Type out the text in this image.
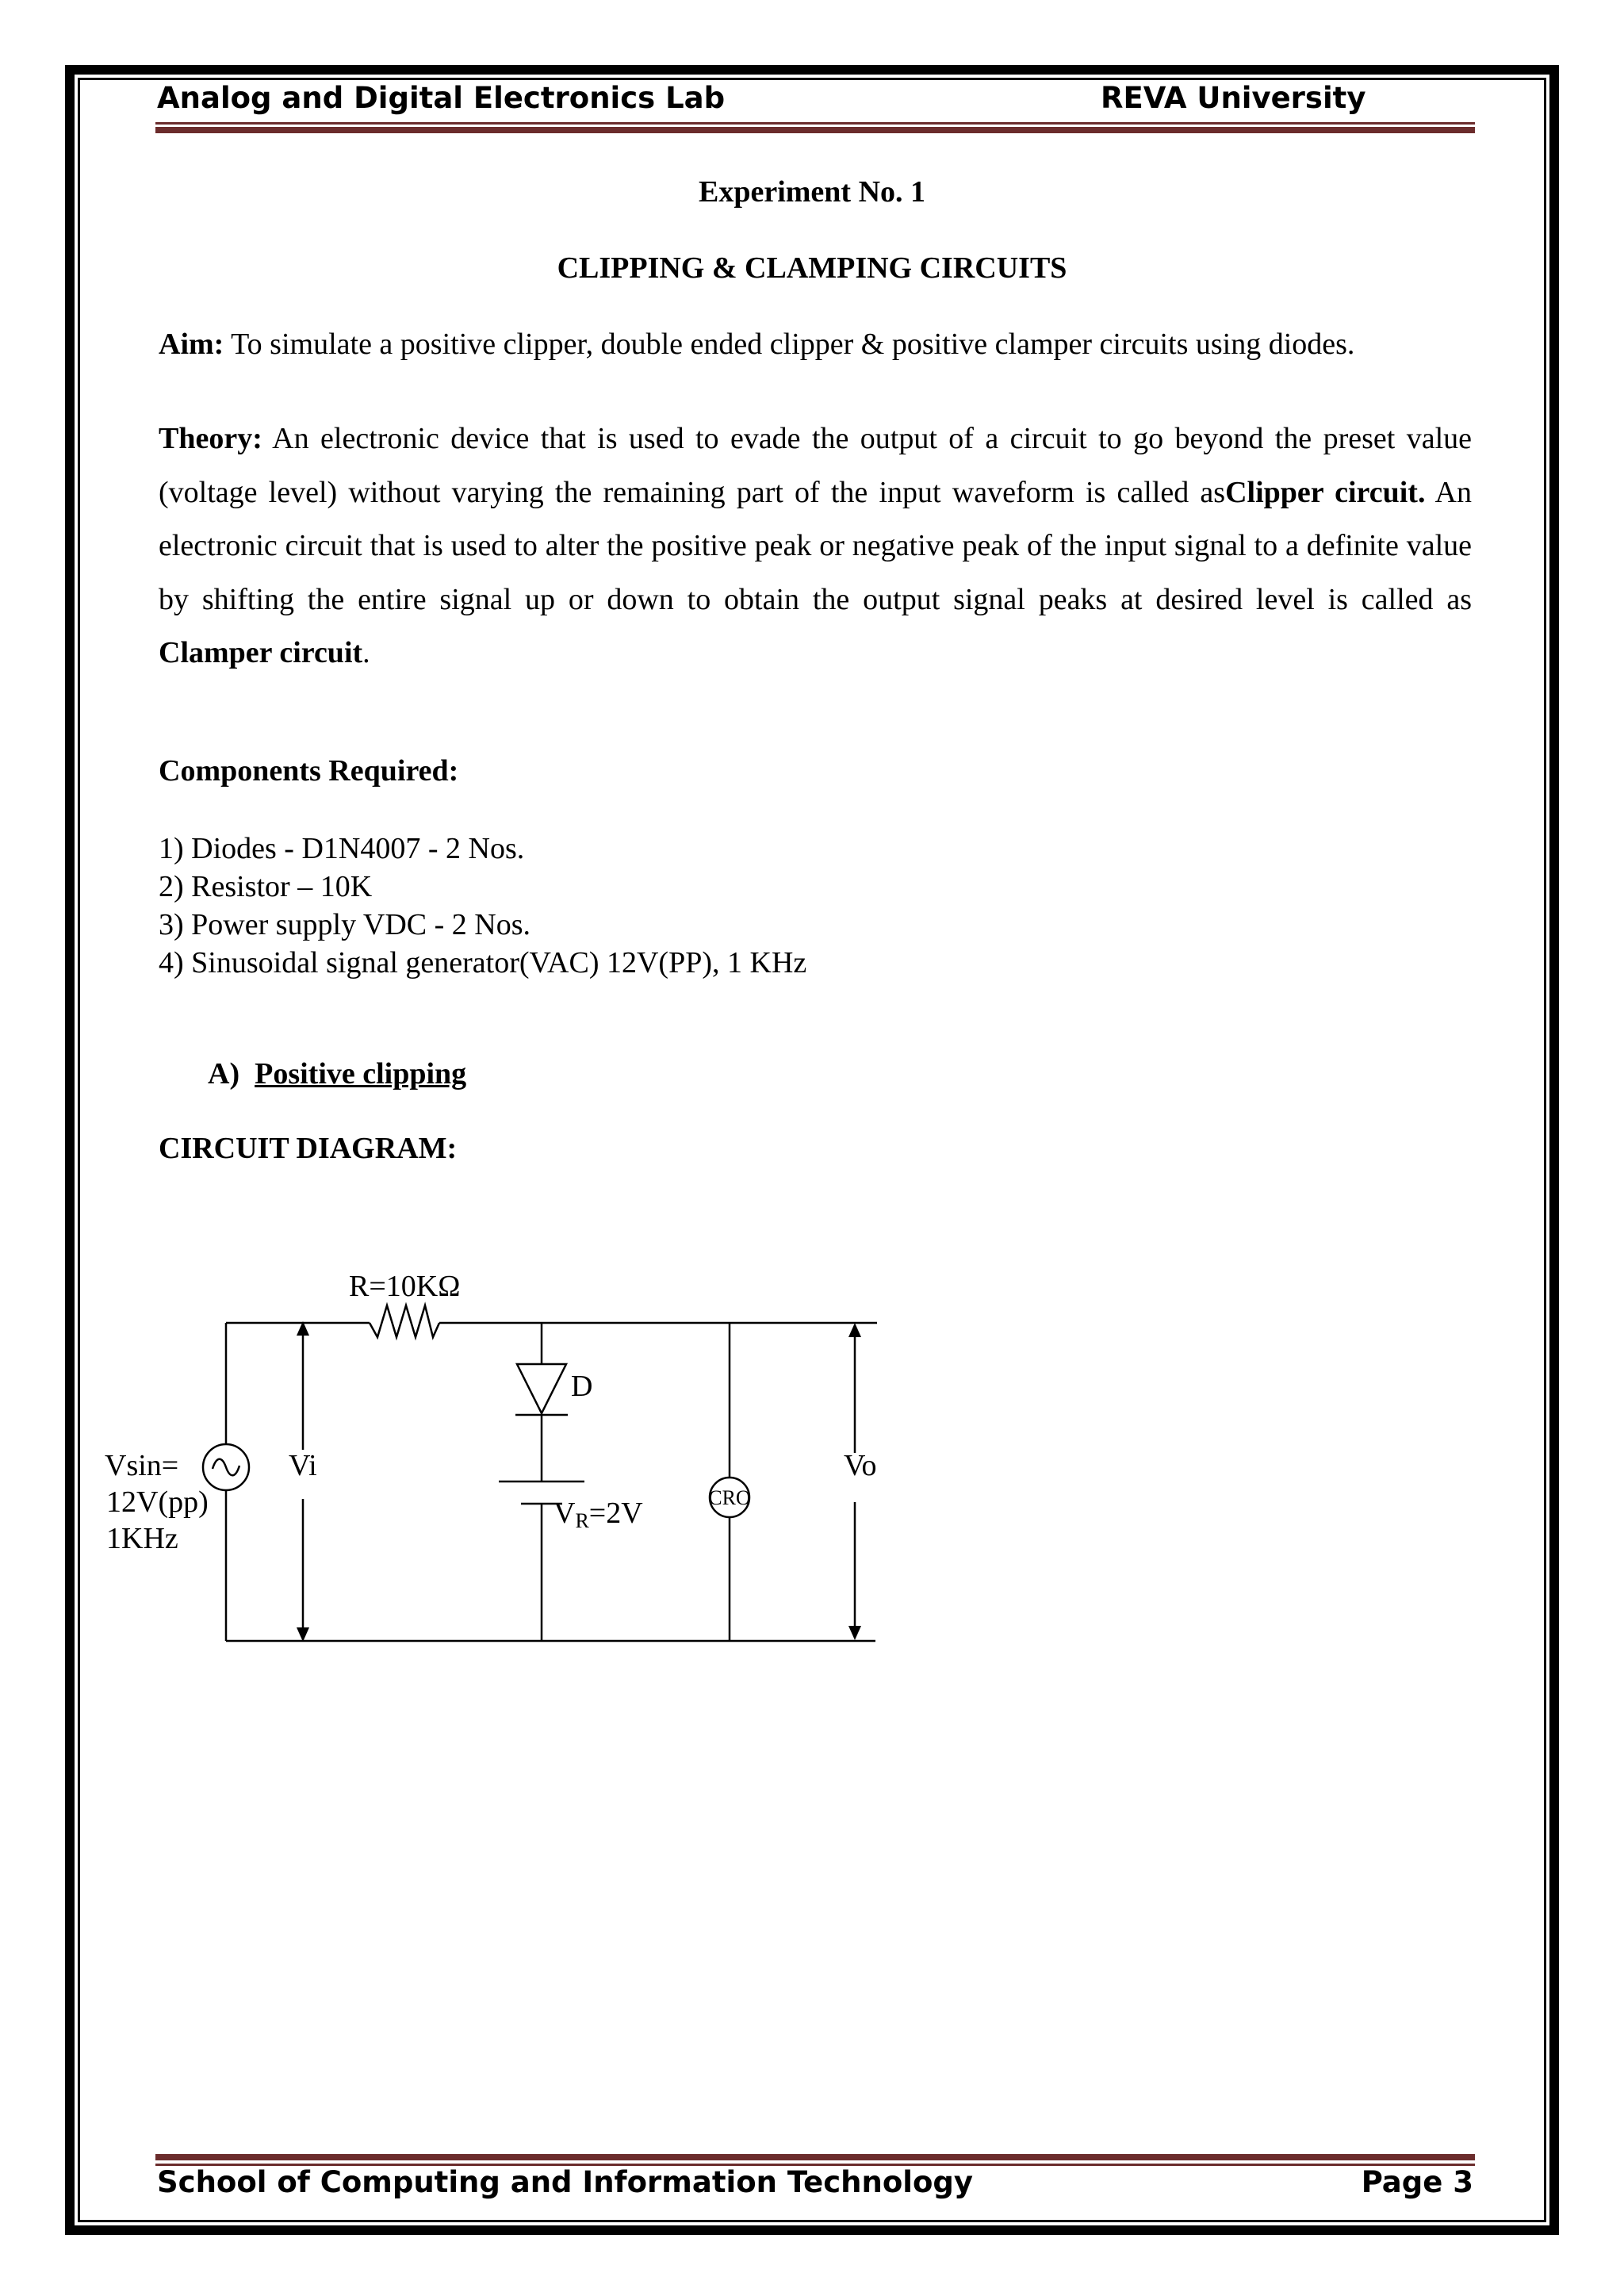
Analog and Digital Electronics Lab	REVA University
Experiment No. 1
CLIPPING & CLAMPING CIRCUITS
Aim: To simulate a positive clipper, double ended clipper & positive clamper circuits using diodes.
Theory: An electronic device that is used to evade the output of a circuit to go beyond the preset value (voltage level) without varying the remaining part of the input waveform is called asClipper circuit. An electronic circuit that is used to alter the positive peak or negative peak of the input signal to a definite value by shifting the entire signal up or down to obtain the output signal peaks at desired level is called as Clamper circuit.
Components Required:
1) Diodes - D1N4007 - 2 Nos.
2) Resistor – 10K
3) Power supply VDC - 2 Nos.
4) Sinusoidal signal generator(VAC) 12V(PP), 1 KHz
A) Positive clipping
CIRCUIT DIAGRAM:
CRO
R=10KΩ
D
Vsin=
12V(pp)
1KHz
Vi	Vo
VR=2V
School of Computing and Information Technology	Page 3
